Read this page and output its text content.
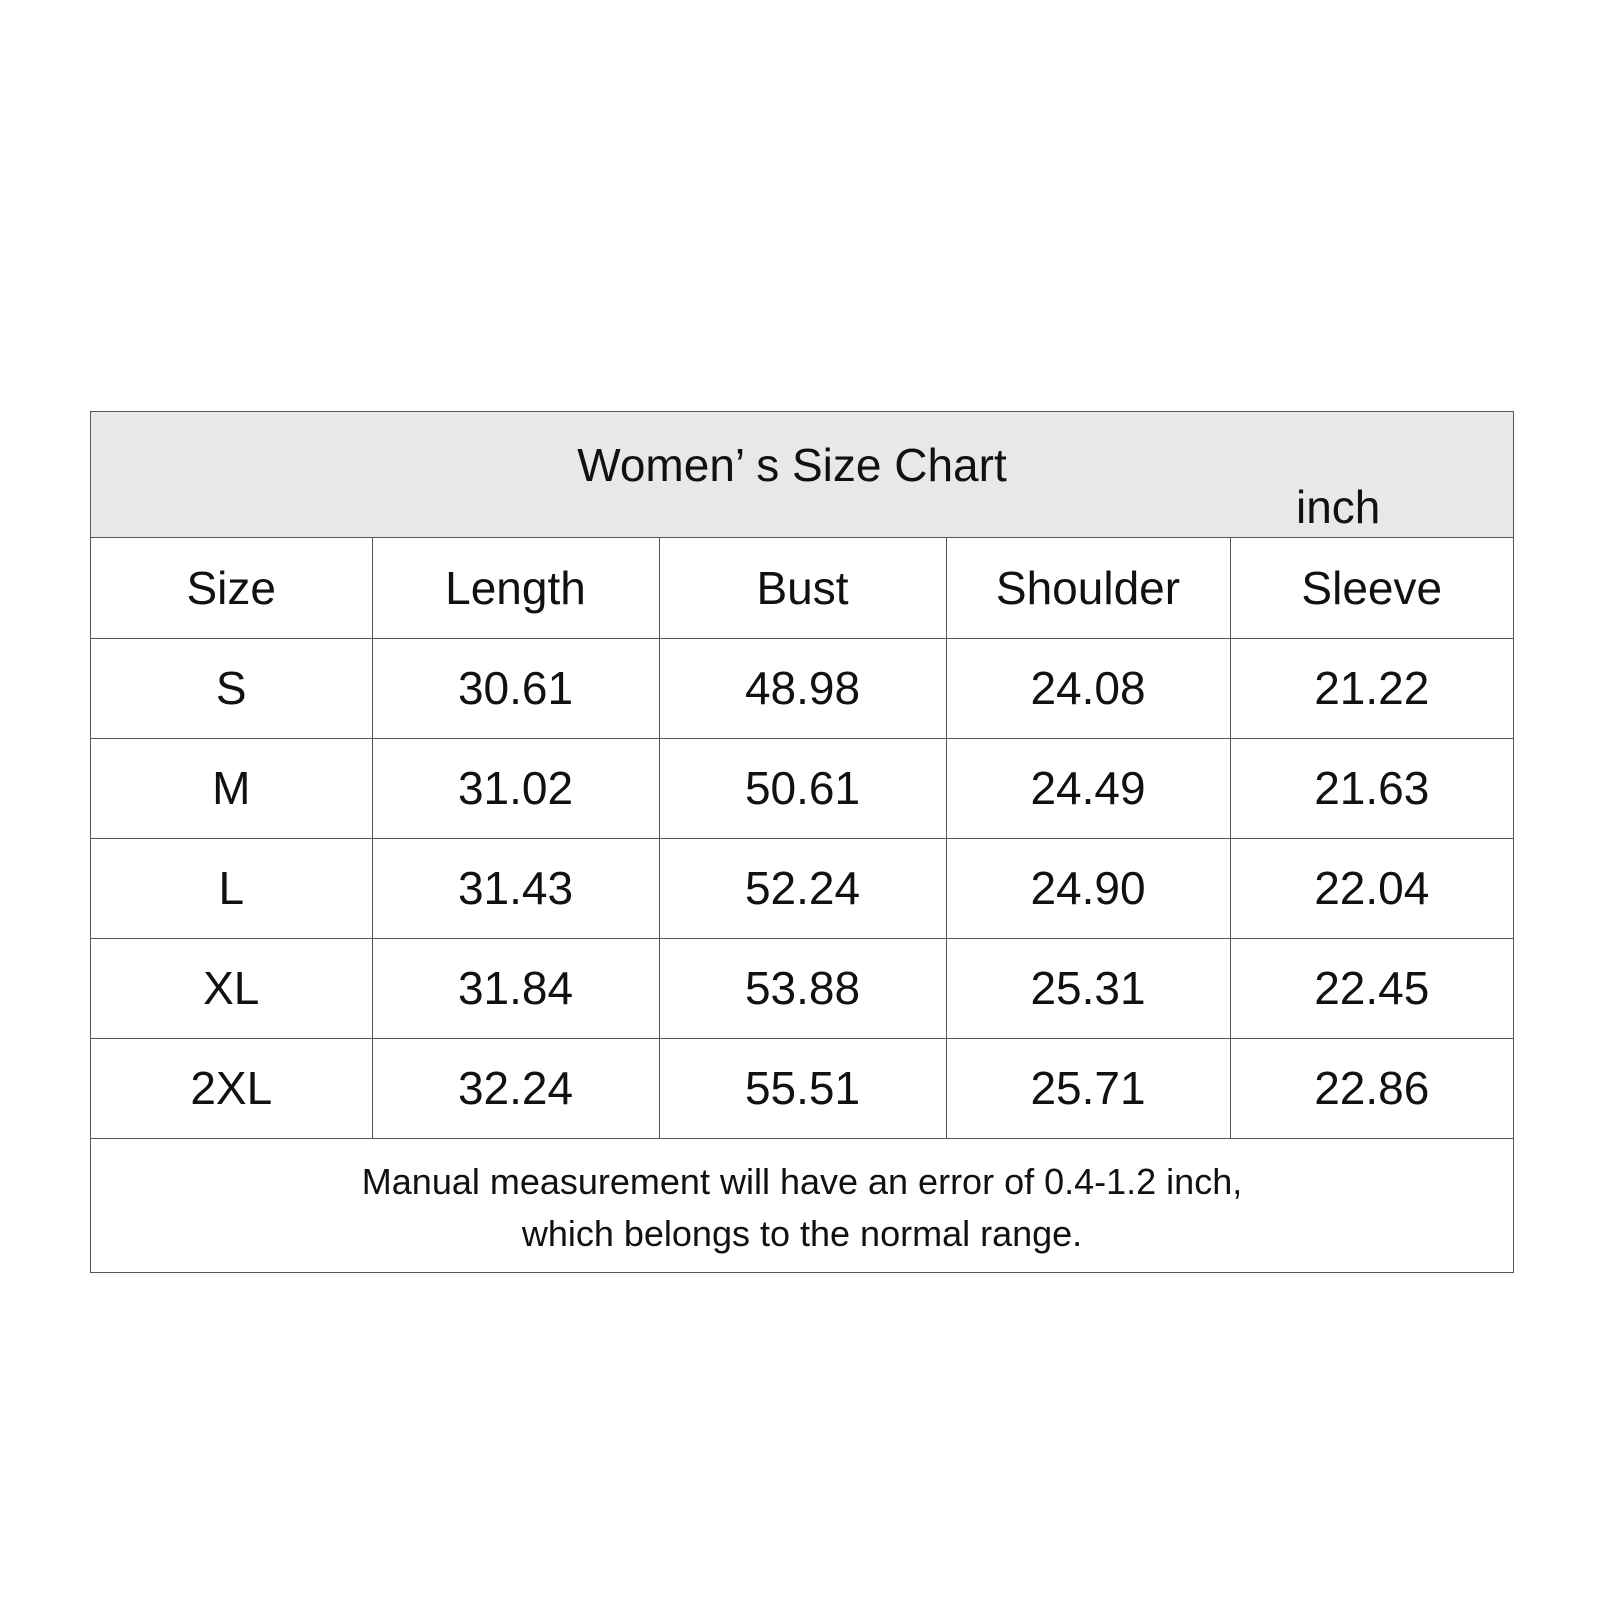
Women’ s Size Chart
inch
Size	Length	Bust	Shoulder	Sleeve
S	30.61	48.98	24.08	21.22
M	31.02	50.61	24.49	21.63
L	31.43	52.24	24.90	22.04
XL	31.84	53.88	25.31	22.45
2XL	32.24	55.51	25.71	22.86
Manual measurement will have an error of 0.4-1.2 inch,
which belongs to the normal range.
